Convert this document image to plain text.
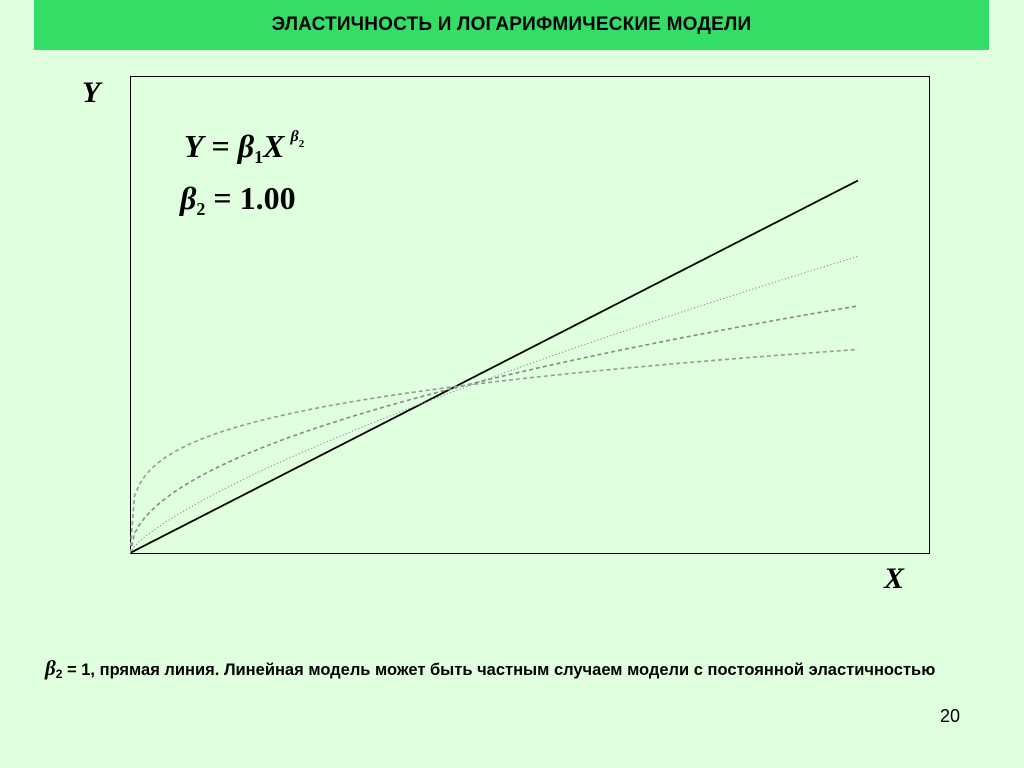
ЭЛАСТИЧНОСТЬ И ЛОГАРИФМИЧЕСКИЕ МОДЕЛИ
Y
Y = β1X $^{\beta 2}$
β2 = 1.00
X
β2 = 1, прямая линия. Линейная модель может быть частным случаем модели с постоянной эластичностью
20
